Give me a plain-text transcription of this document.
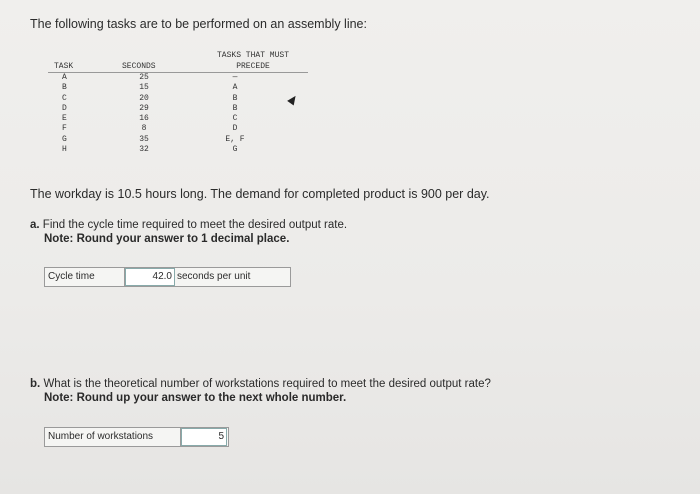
The following tasks are to be performed on an assembly line:
TASK	SECONDS
TASKS THAT MUST PRECEDE
A	25	—
B	15	A
C	20	B
D	29	B
E	16	C
F	8	D
G	35	E, F
H	32	G
The workday is 10.5 hours long. The demand for completed product is 900 per day.
a. Find the cycle time required to meet the desired output rate.
Note: Round your answer to 1 decimal place.
Cycle time	42.0 seconds per unit
b. What is the theoretical number of workstations required to meet the desired output rate?
Note: Round up your answer to the next whole number.
Number of workstations	5
